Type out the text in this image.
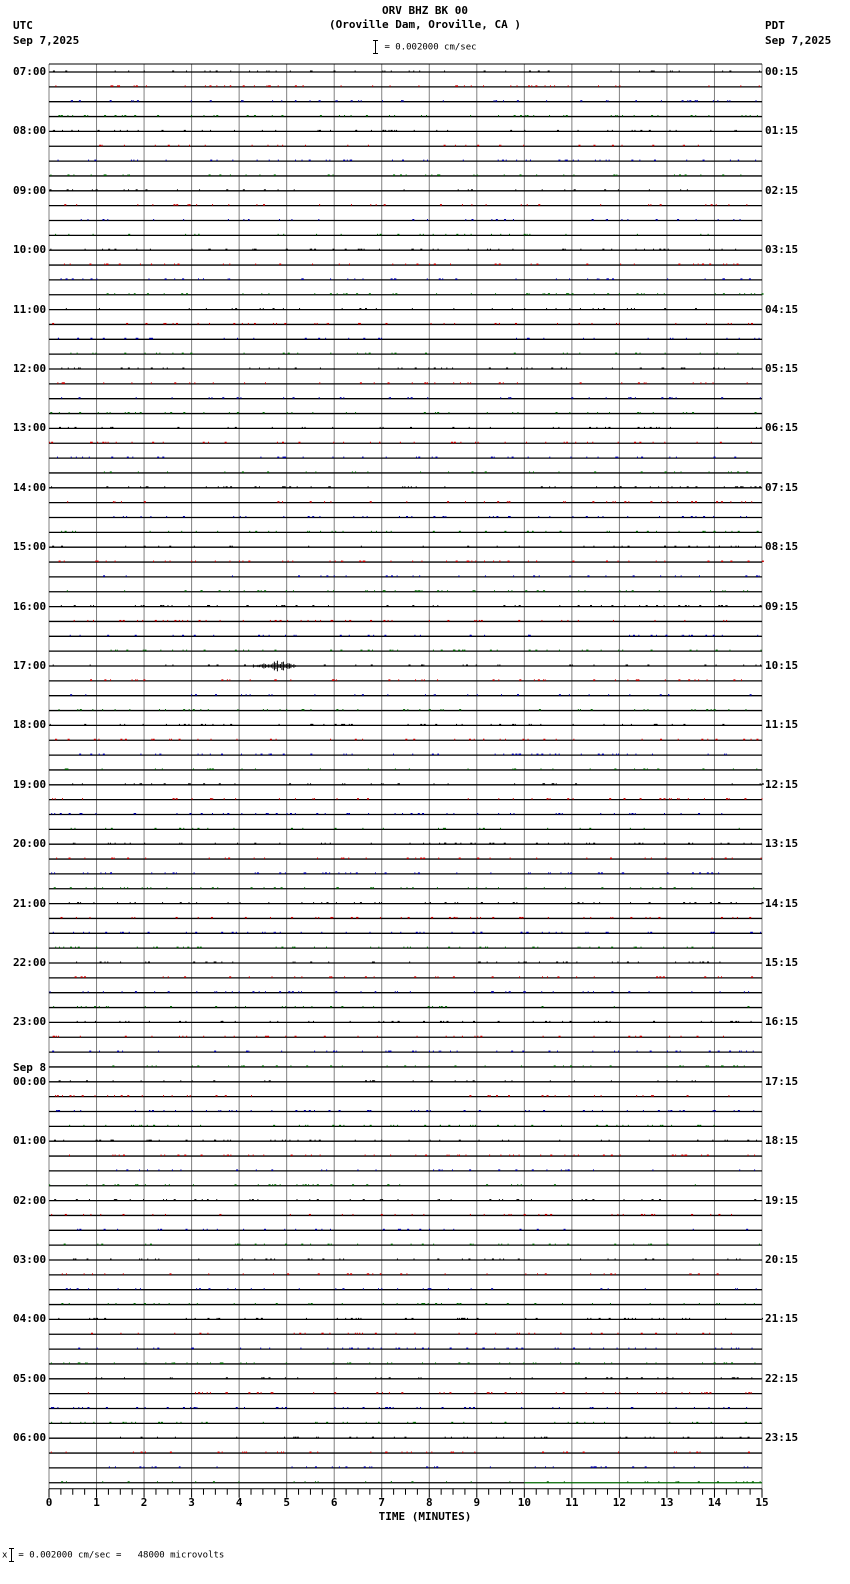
ORV BHZ BK 00
(Oroville Dam, Oroville, CA )
= 0.002000 cm/sec
UTC
Sep 7,2025
PDT
Sep 7,2025
07:00
08:00
09:00
10:00
11:00
12:00
13:00
14:00
15:00
16:00
17:00
18:00
19:00
20:00
21:00
22:00
23:00
00:00
Sep 8
01:00
02:00
03:00
04:00
05:00
06:00
00:15
01:15
02:15
03:15
04:15
05:15
06:15
07:15
08:15
09:15
10:15
11:15
12:15
13:15
14:15
15:15
16:15
17:15
18:15
19:15
20:15
21:15
22:15
23:15
TIME (MINUTES)
x = 0.002000 cm/sec =   48000 microvolts
0	1	2	3	4	5	6	7	8	9	10	11	12	13	14	15
